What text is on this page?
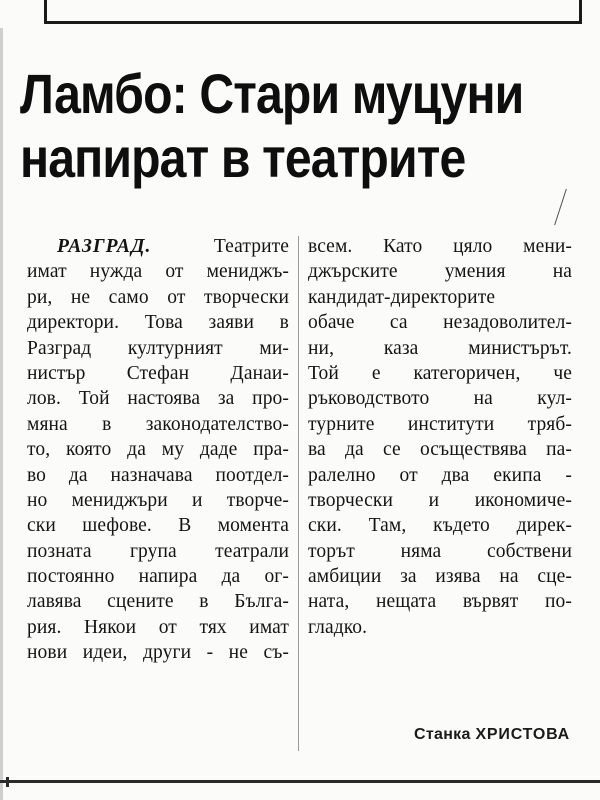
Ламбо: Стари муцуни
напират в театрите
РАЗГРАД.	Театрите
имат нужда от мениджъ-
ри, не само от творчески
директори. Това заяви в
Разград културният ми-
нистър Стефан Данаи-
лов. Той настоява за про-
мяна в законодателство-
то, която да му даде пра-
во да назначава поотдел-
но мениджъри и творче-
ски шефове. В момента
позната група театрали
постоянно напира да ог-
лавява сцените в Бълга-
рия. Някои от тях имат
нови идеи, други - не съ-
всем. Като цяло мени-
джърските умения на
кандидат-директорите
обаче са незадоволител-
ни, каза министърът.
Той е категоричен, че
ръководството на кул-
турните институти тряб-
ва да се осъществява па-
ралелно от два екипа -
творчески и икономиче-
ски. Там, където дирек-
торът няма собствени
амбиции за изява на сце-
ната, нещата вървят по-
гладко.
Станка ХРИСТОВА
